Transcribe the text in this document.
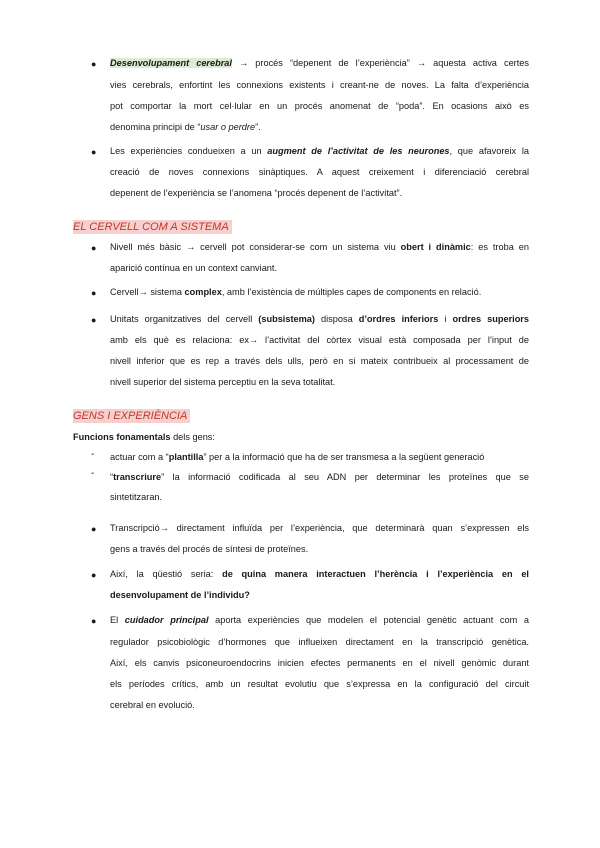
● Desenvolupament cerebral → procés “depenent de l’experiència” → aquesta activa certes
vies cerebrals, enfortint les connexions existents i creant-ne de noves. La falta d’experiència
pot comportar la mort cel·lular en un procés anomenat de “poda”. En ocasions això es
denomina principi de “usar o perdre”.
● Les experiències condueixen a un augment de l’activitat de les neurones, que afavoreix la
creació de noves connexions sinàptiques. A aquest creixement i diferenciació cerebral
depenent de l’experiència se l’anomena “procés depenent de l’activitat”.
EL CERVELL COM A SISTEMA
● Nivell més bàsic → cervell pot considerar-se com un sistema viu obert i dinàmic: es troba en
aparició contínua en un context canviant.
● Cervell→ sistema complex, amb l’existència de múltiples capes de components en relació.
● Unitats organitzatives del cervell (subsistema) disposa d’ordres inferiors i ordres superiors
amb els què es relaciona: ex→ l’activitat del còrtex visual està composada per l’input de
nivell inferior que es rep a través dels ulls, però en si mateix contribueix al processament de
nivell superior del sistema perceptiu en la seva totalitat.
GENS I EXPERIÈNCIA
Funcions fonamentals dels gens:
- actuar com a “plantilla” per a la informació que ha de ser transmesa a la següent generació
- “transcriure” la informació codificada al seu ADN per determinar les proteïnes que se
sintetitzaran.
● Transcripció→ directament influïda per l’experiència, que determinarà quan s’expressen els
gens a través del procés de síntesi de proteïnes.
● Així, la qüestió seria: de quina manera interactuen l’herència i l’experiència en el
desenvolupament de l’individu?
● El cuidador principal aporta experiències que modelen el potencial genètic actuant com a
regulador psicobiològic d’hormones que influeixen directament en la transcripció genètica.
Així, els canvis psiconeuroendocrins inicien efectes permanents en el nivell genòmic durant
els períodes crítics, amb un resultat evolutiu que s’expressa en la configuració del circuit
cerebral en evolució.
